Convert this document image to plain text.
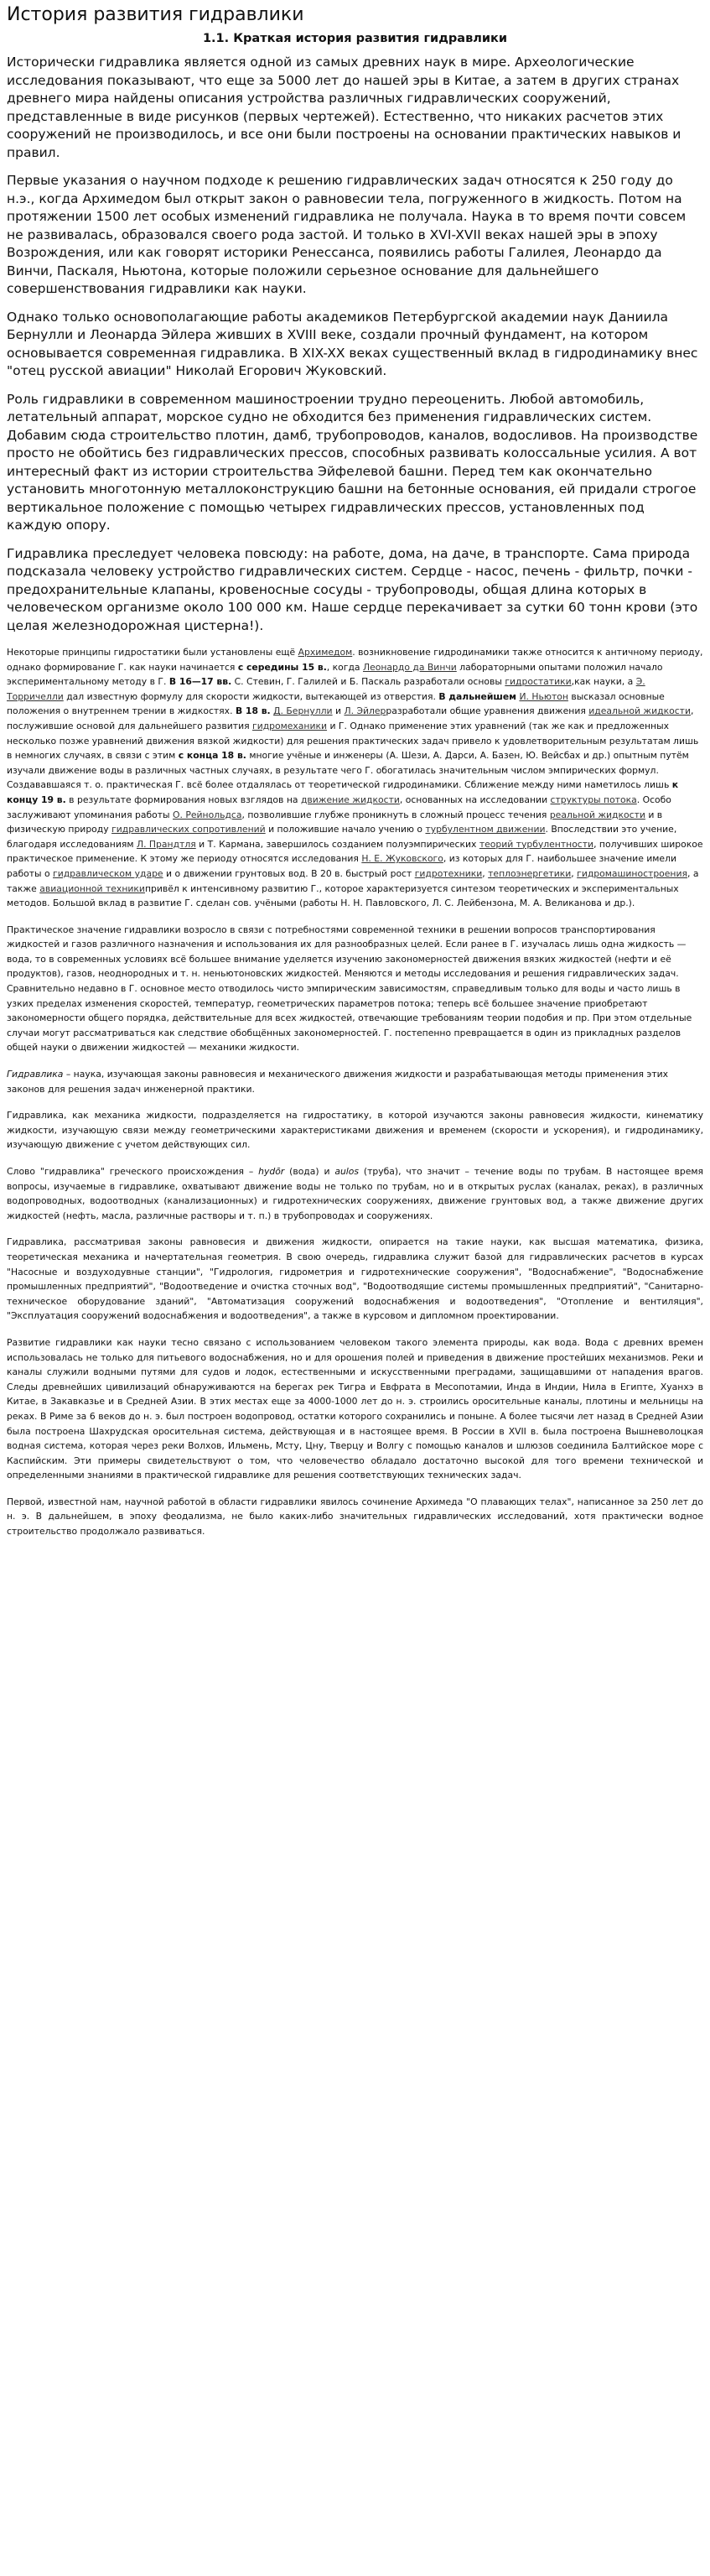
История развития гидравлики
1.1. Краткая история развития гидравлики

Исторически гидравлика является одной из самых древних наук в мире. Археологические исследования показывают, что еще за 5000 лет до нашей эры в Китае, а затем в других странах древнего мира найдены описания устройства различных гидравлических сооружений, представленные в виде рисунков (первых чертежей). Естественно, что никаких расчетов этих сооружений не производилось, и все они были построены на основании практических навыков и правил.

Первые указания о научном подходе к решению гидравлических задач относятся к 250 году до н.э., когда Архимедом был открыт закон о равновесии тела, погруженного в жидкость. Потом на протяжении 1500 лет особых изменений гидравлика не получала. Наука в то время почти совсем не развивалась, образовался своего рода застой. И только в XVI-XVII веках нашей эры в эпоху Возрождения, или как говорят историки Ренессанса, появились работы Галилея, Леонардо да Винчи, Паскаля, Ньютона, которые положили серьезное основание для дальнейшего совершенствования гидравлики как науки.

Однако только основополагающие работы академиков Петербургской академии наук Даниила Бернулли и Леонарда Эйлера живших в XVIII веке, создали прочный фундамент, на котором основывается современная гидравлика. В XIX-XX веках существенный вклад в гидродинамику внес "отец русской авиации" Николай Егорович Жуковский.

Роль гидравлики в современном машиностроении трудно переоценить. Любой автомобиль, летательный аппарат, морское судно не обходится без применения гидравлических систем. Добавим сюда строительство плотин, дамб, трубопроводов, каналов, водосливов. На производстве просто не обойтись без гидравлических прессов, способных развивать колоссальные усилия. А вот интересный факт из истории строительства Эйфелевой башни. Перед тем как окончательно установить многотонную металлоконструкцию башни на бетонные основания, ей придали строгое вертикальное положение с помощью четырех гидравлических прессов, установленных под каждую опору.

Гидравлика преследует человека повсюду: на работе, дома, на даче, в транспорте. Сама природа подсказала человеку устройство гидравлических систем. Сердце - насос, печень - фильтр, почки - предохранительные клапаны, кровеносные сосуды - трубопроводы, общая длина которых в человеческом организме около 100 000 км. Наше сердце перекачивает за сутки 60 тонн крови (это целая железнодорожная цистерна!).

Некоторые принципы гидростатики были установлены ещё Архимедом. возникновение гидродинамики также относится к античному периоду, однако формирование Г. как науки начинается с середины 15 в., когда Леонардо да Винчи лабораторными опытами положил начало экспериментальному методу в Г. В 16—17 вв. С. Стевин, Г. Галилей и Б. Паскаль разработали основы гидростатики,как науки, а Э. Торричелли дал известную формулу для скорости жидкости, вытекающей из отверстия. В дальнейшем И. Ньютон высказал основные положения о внутреннем трении в жидкостях. В 18 в. Д. Бернулли и Л. Эйлерразработали общие уравнения движения идеальной жидкости, послужившие основой для дальнейшего развития гидромеханики и Г. Однако применение этих уравнений (так же как и предложенных несколько позже уравнений движения вязкой жидкости) для решения практических задач привело к удовлетворительным результатам лишь в немногих случаях, в связи с этим с конца 18 в. многие учёные и инженеры (А. Шези, А. Дарси, А. Базен, Ю. Вейсбах и др.) опытным путём изучали движение воды в различных частных случаях, в результате чего Г. обогатилась значительным числом эмпирических формул. Создававшаяся т. о. практическая Г. всё более отдалялась от теоретической гидродинамики. Сближение между ними наметилось лишь к концу 19 в. в результате формирования новых взглядов на движение жидкости, основанных на исследовании структуры потока. Особо заслуживают упоминания работы О. Рейнольдса, позволившие глубже проникнуть в сложный процесс течения реальной жидкости и в физическую природу гидравлических сопротивлений и положившие начало учению о турбулентном движении. Впоследствии это учение, благодаря исследованиям Л. Прандтля и Т. Кармана, завершилось созданием полуэмпирических теорий турбулентности, получивших широкое практическое применение. К этому же периоду относятся исследования Н. Е. Жуковского, из которых для Г. наибольшее значение имели работы о гидравлическом ударе и о движении грунтовых вод. В 20 в. быстрый рост гидротехники, теплоэнергетики, гидромашиностроения, а также авиационной техникипривёл к интенсивному развитию Г., которое характеризуется синтезом теоретических и экспериментальных методов. Большой вклад в развитие Г. сделан сов. учёными (работы Н. Н. Павловского, Л. С. Лейбензона, М. А. Великанова и др.).

Практическое значение гидравлики возросло в связи с потребностями современной техники в решении вопросов транспортирования жидкостей и газов различного назначения и использования их для разнообразных целей. Если ранее в Г. изучалась лишь одна жидкость — вода, то в современных условиях всё большее внимание уделяется изучению закономерностей движения вязких жидкостей (нефти и её продуктов), газов, неоднородных и т. н. неньютоновских жидкостей. Меняются и методы исследования и решения гидравлических задач. Сравнительно недавно в Г. основное место отводилось чисто эмпирическим зависимостям, справедливым только для воды и часто лишь в узких пределах изменения скоростей, температур, геометрических параметров потока; теперь всё большее значение приобретают закономерности общего порядка, действительные для всех жидкостей, отвечающие требованиям теории подобия и пр. При этом отдельные случаи могут рассматриваться как следствие обобщённых закономерностей. Г. постепенно превращается в один из прикладных разделов общей науки о движении жидкостей — механики жидкости.

Гидравлика – наука, изучающая законы равновесия и механического движения жидкости и разрабатывающая методы применения этих законов для решения задач инженерной практики.

Гидравлика, как механика жидкости, подразделяется на гидростатику, в которой изучаются законы равновесия жидкости, кинематику жидкости, изучающую связи между геометрическими характеристиками движения и временем (скорости и ускорения), и гидродинамику, изучающую движение с учетом действующих сил.

Слово "гидравлика" греческого происхождения – hydōr (вода) и aulos (труба), что значит – течение воды по трубам. В настоящее время вопросы, изучаемые в гидравлике, охватывают движение воды не только по трубам, но и в открытых руслах (каналах, реках), в различных водопроводных, водоотводных (канализационных) и гидротехнических сооружениях, движение грунтовых вод, а также движение других жидкостей (нефть, масла, различные растворы и т. п.) в трубопроводах и сооружениях.

Гидравлика, рассматривая законы равновесия и движения жидкости, опирается на такие науки, как высшая математика, физика, теоретическая механика и начертательная геометрия. В свою очередь, гидравлика служит базой для гидравлических расчетов в курсах "Насосные и воздуходувные станции", "Гидрология, гидрометрия и гидротехнические сооружения", "Водоснабжение", "Водоснабжение промышленных предприятий", "Водоотведение и очистка сточных вод", "Водоотводящие системы промышленных предприятий", "Санитарно-техническое оборудование зданий", "Автоматизация сооружений водоснабжения и водоотведения", "Отопление и вентиляция", "Эксплуатация сооружений водоснабжения и водоотведения", а также в курсовом и дипломном проектировании.

Развитие гидравлики как науки тесно связано с использованием человеком такого элемента природы, как вода. Вода с древних времен использовалась не только для питьевого водоснабжения, но и для орошения полей и приведения в движение простейших механизмов. Реки и каналы служили водными путями для судов и лодок, естественными и искусственными преградами, защищавшими от нападения врагов. Следы древнейших цивилизаций обнаруживаются на берегах рек Тигра и Евфрата в Месопотамии, Инда в Индии, Нила в Египте, Хуанхэ в Китае, в Закавказье и в Средней Азии. В этих местах еще за 4000-1000 лет до н. э. строились оросительные каналы, плотины и мельницы на реках. В Риме за 6 веков до н. э. был построен водопровод, остатки которого сохранились и поныне. А более тысячи лет назад в Средней Азии была построена Шахрудская оросительная система, действующая и в настоящее время. В России в XVII в. была построена Вышневолоцкая водная система, которая через реки Волхов, Ильмень, Мсту, Цну, Тверцу и Волгу с помощью каналов и шлюзов соединила Балтийское море с Каспийским. Эти примеры свидетельствуют о том, что человечество обладало достаточно высокой для того времени технической и определенными знаниями в практической гидравлике для решения соответствующих технических задач.

Первой, известной нам, научной работой в области гидравлики явилось сочинение Архимеда "О плавающих телах", написанное за 250 лет до н. э. В дальнейшем, в эпоху феодализма, не было каких-либо значительных гидравлических исследований, хотя практически водное строительство продолжало развиваться.
